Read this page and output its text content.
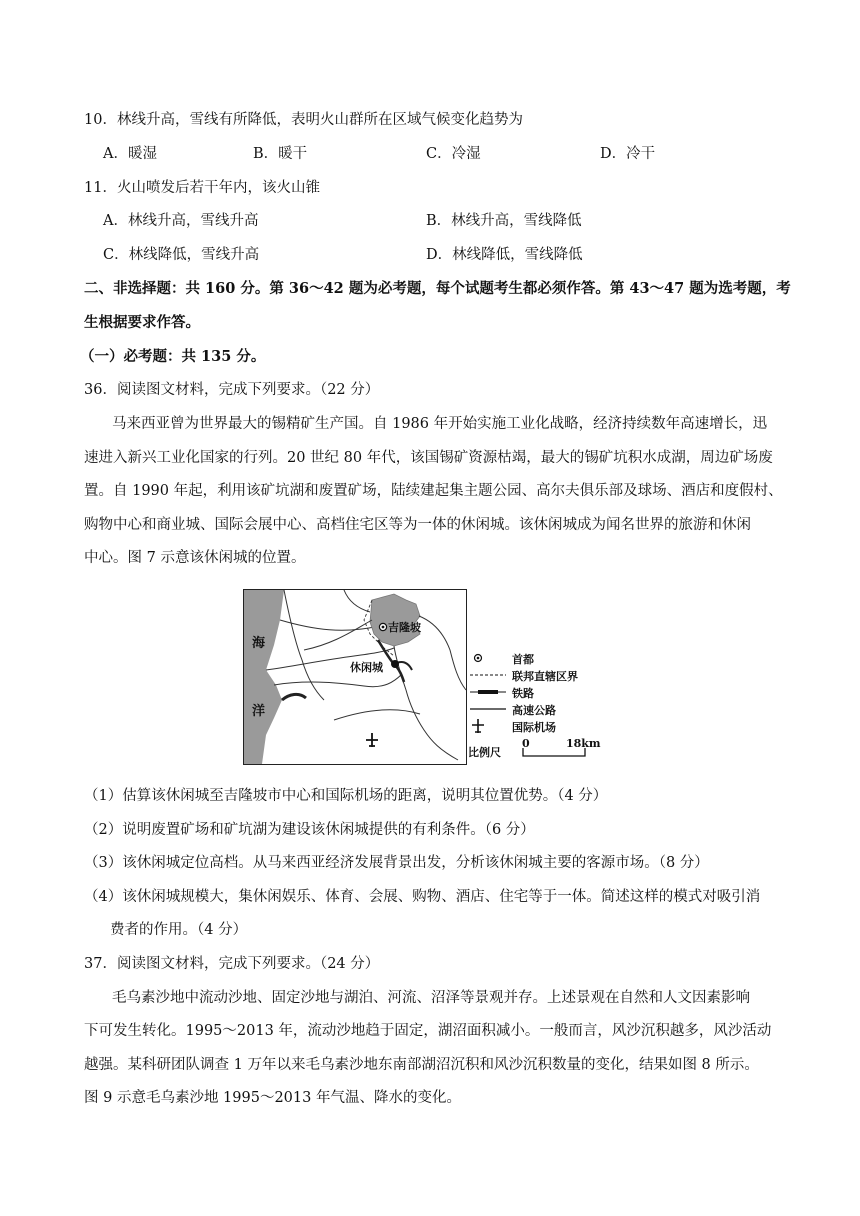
10．林线升高，雪线有所降低，表明火山群所在区域气候变化趋势为
A．暖湿	B．暖干	C．冷湿	D．冷干
11．火山喷发后若干年内，该火山锥
A．林线升高，雪线升高	B．林线升高，雪线降低
C．林线降低，雪线升高	D．林线降低，雪线降低
二、非选择题：共 160 分。第 36～42 题为必考题，每个试题考生都必须作答。第 43～47 题为选考题，考
生根据要求作答。
（一）必考题：共 135 分。
36．阅读图文材料，完成下列要求。（22 分）
马来西亚曾为世界最大的锡精矿生产国。自 1986 年开始实施工业化战略，经济持续数年高速增长，迅
速进入新兴工业化国家的行列。20 世纪 80 年代，该国锡矿资源枯竭，最大的锡矿坑积水成湖，周边矿场废
置。自 1990 年起，利用该矿坑湖和废置矿场，陆续建起集主题公园、高尔夫俱乐部及球场、酒店和度假村、
购物中心和商业城、国际会展中心、高档住宅区等为一体的休闲城。该休闲城成为闻名世界的旅游和休闲
中心。图 7 示意该休闲城的位置。
海
洋
吉隆坡
休闲城
首都
联邦直辖区界
铁路
高速公路
国际机场
比例尺
0	18km
（1）估算该休闲城至吉隆坡市中心和国际机场的距离，说明其位置优势。（4 分）
（2）说明废置矿场和矿坑湖为建设该休闲城提供的有利条件。（6 分）
（3）该休闲城定位高档。从马来西亚经济发展背景出发，分析该休闲城主要的客源市场。（8 分）
（4）该休闲城规模大，集休闲娱乐、体育、会展、购物、酒店、住宅等于一体。简述这样的模式对吸引消
费者的作用。（4 分）
37．阅读图文材料，完成下列要求。（24 分）
毛乌素沙地中流动沙地、固定沙地与湖泊、河流、沼泽等景观并存。上述景观在自然和人文因素影响
下可发生转化。1995～2013 年，流动沙地趋于固定，湖沼面积减小。一般而言，风沙沉积越多，风沙活动
越强。某科研团队调查 1 万年以来毛乌素沙地东南部湖沼沉积和风沙沉积数量的变化，结果如图 8 所示。
图 9 示意毛乌素沙地 1995～2013 年气温、降水的变化。
